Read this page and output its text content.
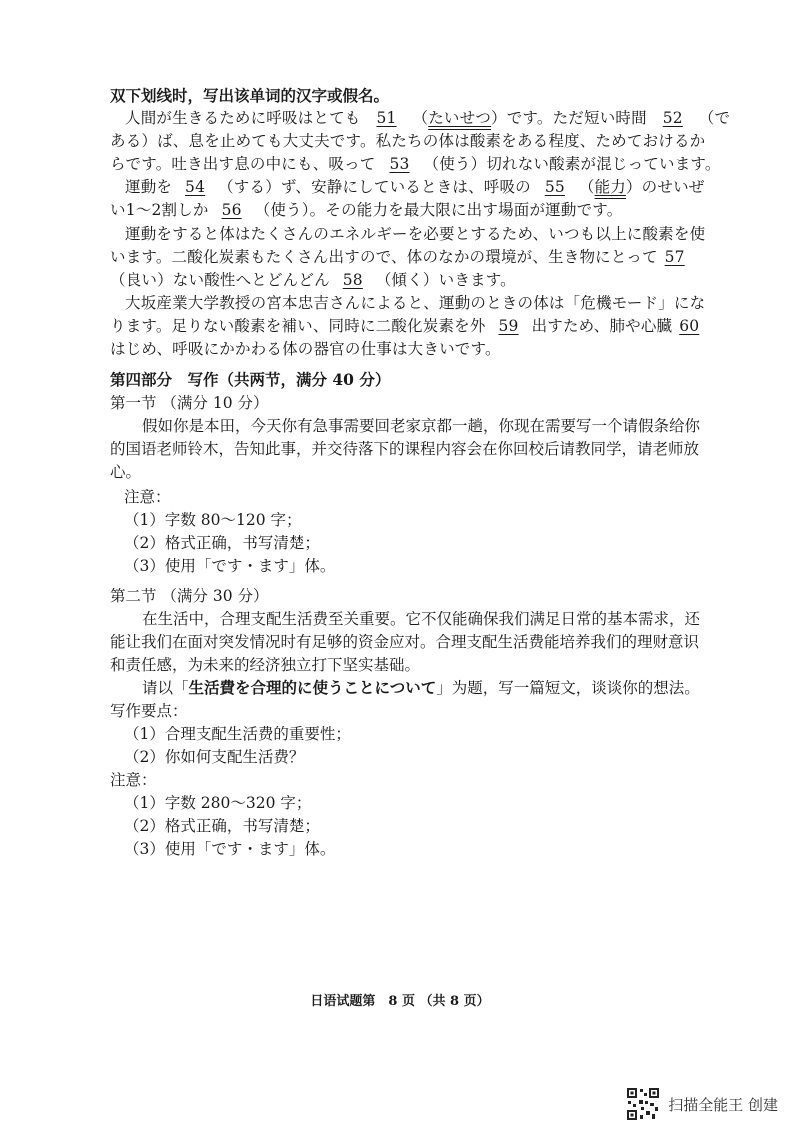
双下划线时，写出该单词的汉字或假名。
人間が生きるために呼吸はとても 51 （たいせつ）です。ただ短い時間 52 （で
ある）ば、息を止めても大丈夫です。私たちの体は酸素をある程度、ためておけるか
らです。吐き出す息の中にも、吸って 53 （使う）切れない酸素が混じっています。
運動を 54 （する）ず、安静にしているときは、呼吸の 55 （能力）のせいぜ
い1～2割しか 56 （使う）。その能力を最大限に出す場面が運動です。
運動をすると体はたくさんのエネルギーを必要とするため、いつも以上に酸素を使
います。二酸化炭素もたくさん出すので、体のなかの環境が、生き物にとって 57
（良い）ない酸性へとどんどん 58 （傾く）いきます。
大坂産業大学教授の宮本忠吉さんによると、運動のときの体は「危機モード」にな
ります。足りない酸素を補い、同時に二酸化炭素を外 59 出すため、肺や心臓 60
はじめ、呼吸にかかわる体の器官の仕事は大きいです。
第四部分　写作（共两节，满分 40 分）
第一节 （满分 10 分）
假如你是本田，今天你有急事需要回老家京都一趟，你现在需要写一个请假条给你
的国语老师铃木，告知此事，并交待落下的课程内容会在你回校后请教同学，请老师放
心。
注意：
（1）字数 80～120 字；
（2）格式正确，书写清楚；
（3）使用「です・ます」体。
第二节 （满分 30 分）
在生活中，合理支配生活费至关重要。它不仅能确保我们满足日常的基本需求，还
能让我们在面对突发情况时有足够的资金应对。合理支配生活费能培养我们的理财意识
和责任感，为未来的经济独立打下坚实基础。
请以「生活費を合理的に使うことについて」为题，写一篇短文，谈谈你的想法。
写作要点：
（1）合理支配生活费的重要性；
（2）你如何支配生活费？
注意：
（1）字数 280～320 字；
（2）格式正确，书写清楚；
（3）使用「です・ます」体。
日语试题第　8 页 （共 8 页）
扫描全能王 创建
